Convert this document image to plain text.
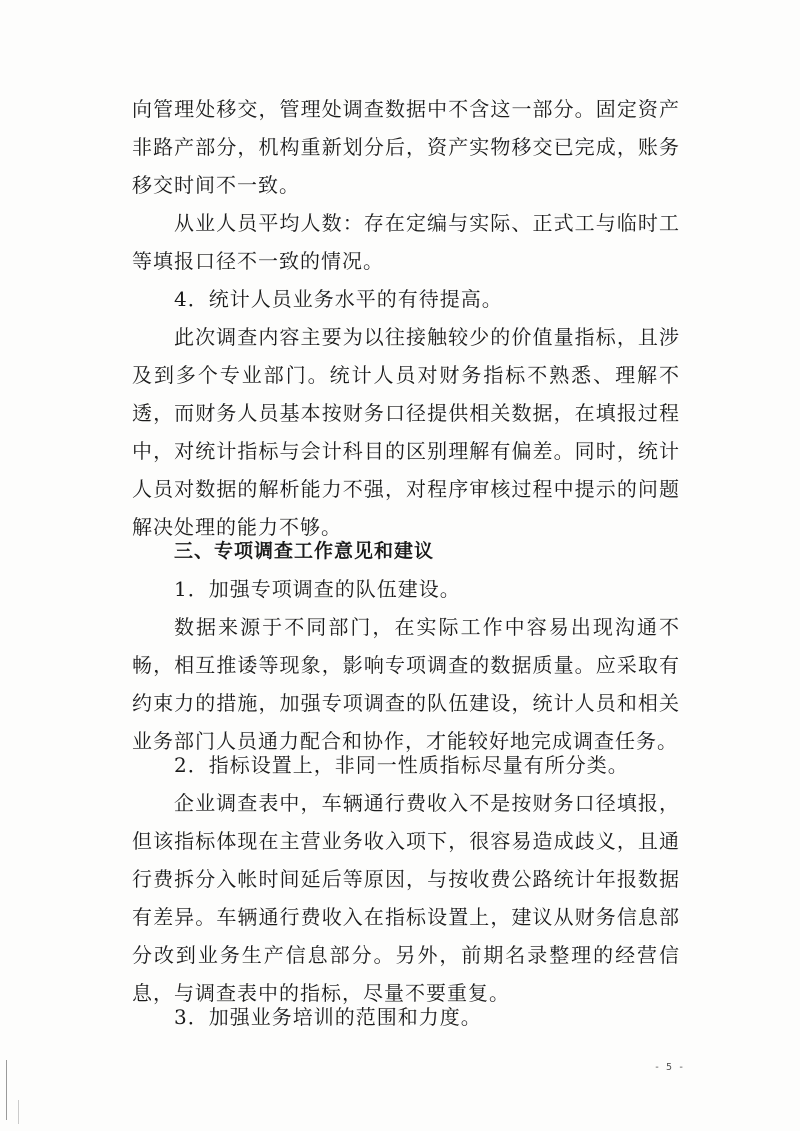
向管理处移交，管理处调查数据中不含这一部分。固定资产非路产部分，机构重新划分后，资产实物移交已完成，账务移交时间不一致。

从业人员平均人数：存在定编与实际、正式工与临时工等填报口径不一致的情况。

4．统计人员业务水平的有待提高。

此次调查内容主要为以往接触较少的价值量指标，且涉及到多个专业部门。统计人员对财务指标不熟悉、理解不透，而财务人员基本按财务口径提供相关数据，在填报过程中，对统计指标与会计科目的区别理解有偏差。同时，统计人员对数据的解析能力不强，对程序审核过程中提示的问题解决处理的能力不够。

三、专项调查工作意见和建议

1．加强专项调查的队伍建设。

数据来源于不同部门，在实际工作中容易出现沟通不畅，相互推诿等现象，影响专项调查的数据质量。应采取有约束力的措施，加强专项调查的队伍建设，统计人员和相关业务部门人员通力配合和协作，才能较好地完成调查任务。

2．指标设置上，非同一性质指标尽量有所分类。

企业调查表中，车辆通行费收入不是按财务口径填报，但该指标体现在主营业务收入项下，很容易造成歧义，且通行费拆分入帐时间延后等原因，与按收费公路统计年报数据有差异。车辆通行费收入在指标设置上，建议从财务信息部分改到业务生产信息部分。另外，前期名录整理的经营信息，与调查表中的指标，尽量不要重复。

3．加强业务培训的范围和力度。

- 5 -
